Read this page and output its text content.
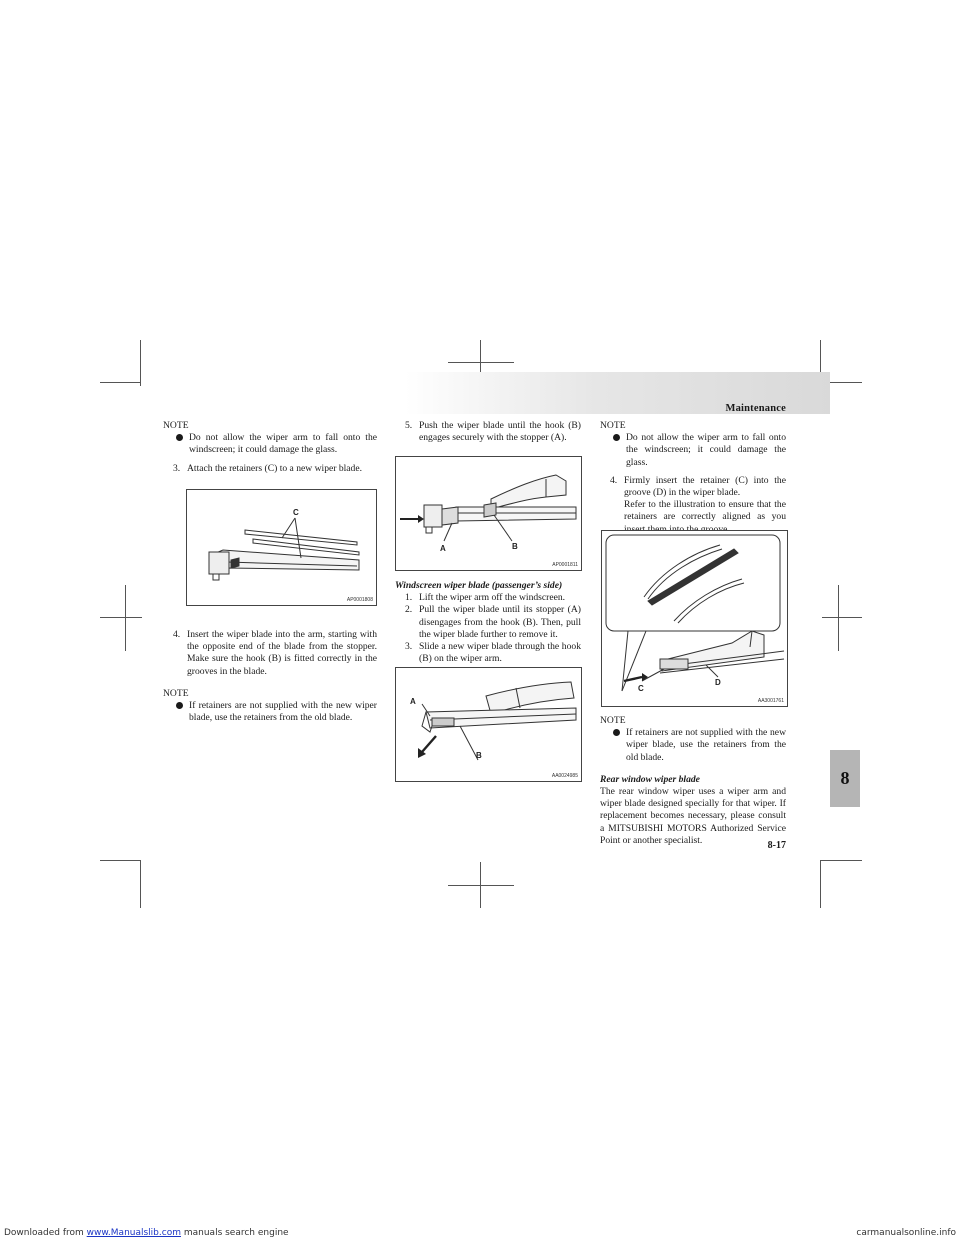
Maintenance

NOTE

Do not allow the wiper arm to fall onto the windscreen; it could damage the glass.
3. Attach the retainers (C) to a new wiper blade.
C
AP0001808
4. Insert the wiper blade into the arm, starting with the opposite end of the blade from the stopper. Make sure the hook (B) is fitted correctly in the grooves in the blade.

NOTE

If retainers are not supplied with the new wiper blade, use the retainers from the old blade.
5. Push the wiper blade until the hook (B) engages securely with the stopper (A).
A	B
AP0001811

Windscreen wiper blade (passenger’s side)

1. Lift the wiper arm off the windscreen.
2. Pull the wiper blade until its stopper (A) disengages from the hook (B). Then, pull the wiper blade further to remove it.
3. Slide a new wiper blade through the hook (B) on the wiper arm.
A
B
AA0024985

NOTE

Do not allow the wiper arm to fall onto the windscreen; it could damage the glass.
4. Firmly insert the retainer (C) into the groove (D) in the wiper blade.
Refer to the illustration to ensure that the retainers are correctly aligned as you
C
D
AA3001761

NOTE

If retainers are not supplied with the new wiper blade, use the retainers from the old blade.

Rear window wiper blade

The rear window wiper uses a wiper arm and wiper blade designed specially for that wiper. If replacement becomes necessary, please consult a MITSUBISHI MOTORS Authorized Service Point or another specialist.

8
8-17
Downloaded from www.Manualslib.com manuals search engine	carmanualsonline.info
